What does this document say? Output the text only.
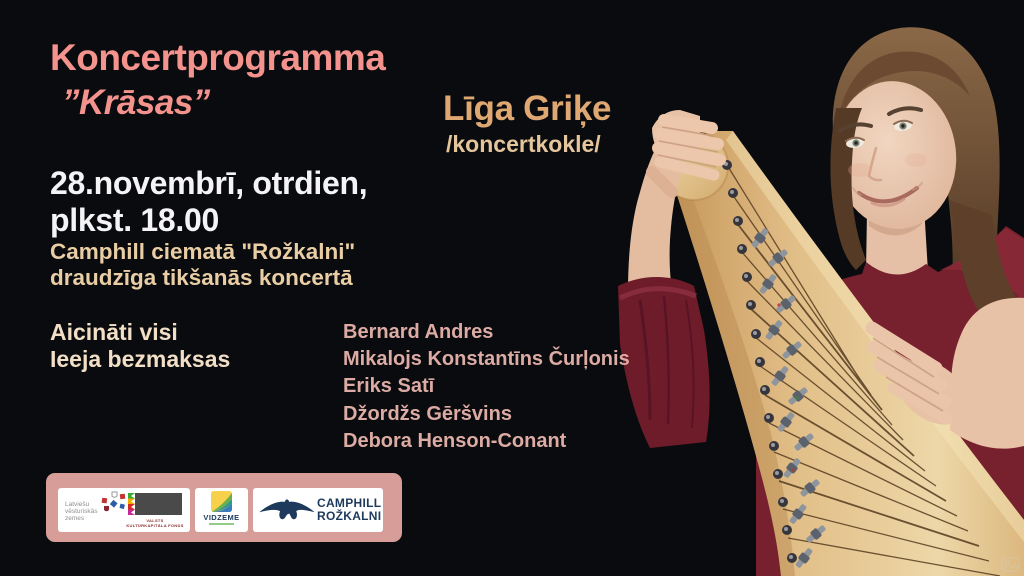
Koncertprogramma
”Krāsas”	Līga Griķe
/koncertkokle/
28.novembrī, otrdien,
plkst. 18.00
Camphill ciematā "Rožkalni"
draudzīga tikšanās koncertā
Aicināti visi
Ieeja bezmaksas
Bernard Andres
Mikalojs Konstantīns Čurļonis
Eriks Satī
Džordžs Gēršvins
Debora Henson-Conant
Latviešu
vēsturiskās
zemes	VALSTS
KULTŪRKAPITĀLA FONDS
VIDZEME
CAMPHILL
ROŽKALNI
